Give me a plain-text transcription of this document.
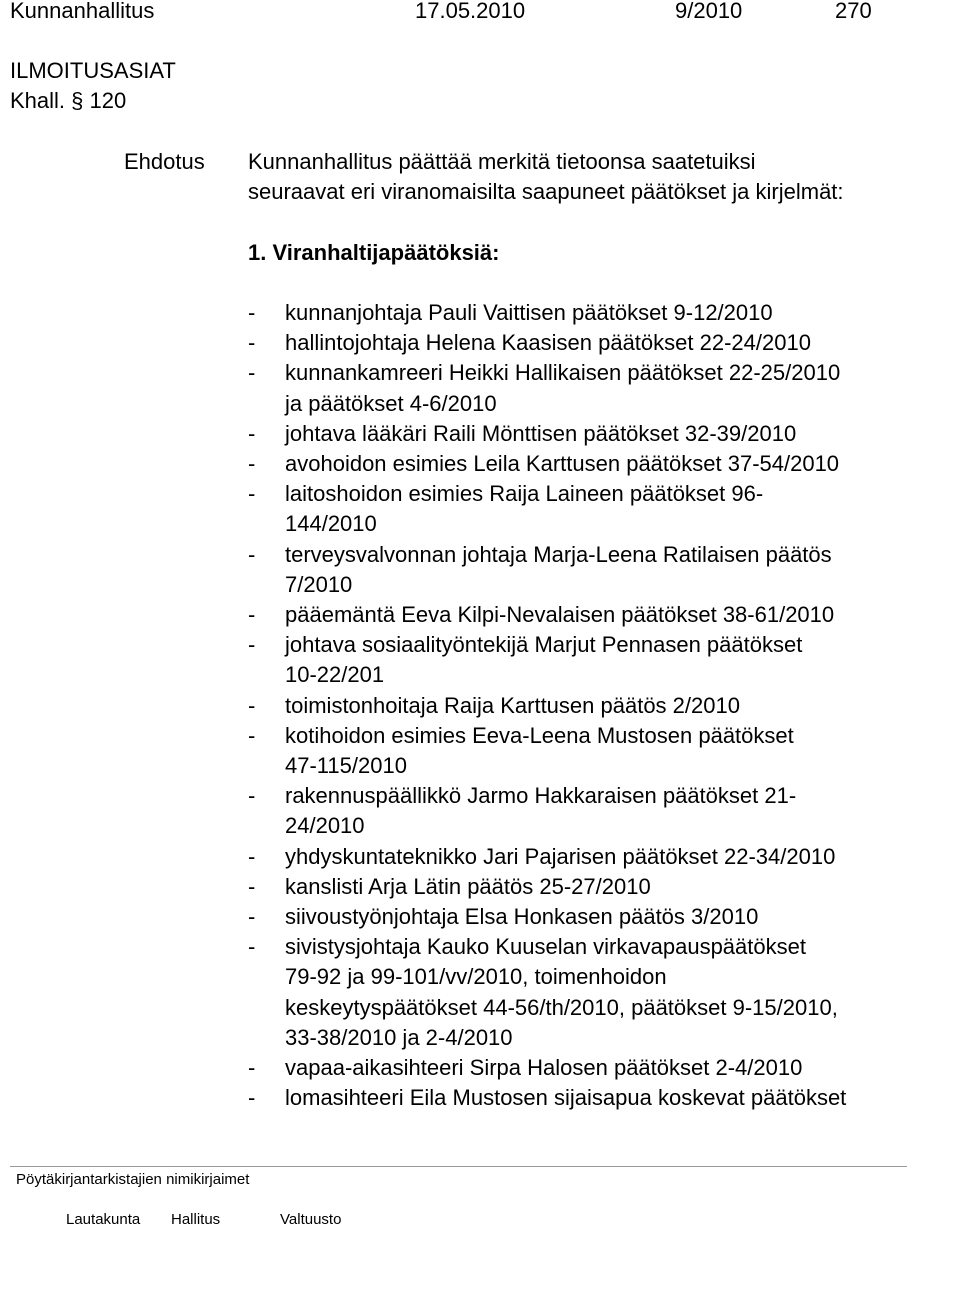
Kunnanhallitus	17.05.2010	9/2010	270
ILMOITUSASIAT
Khall. § 120
Ehdotus Kunnanhallitus päättää merkitä tietoonsa saatetuiksi
seuraavat eri viranomaisilta saapuneet päätökset ja kirjelmät:
1. Viranhaltijapäätöksiä:
-	kunnanjohtaja Pauli Vaittisen päätökset 9-12/2010
-	hallintojohtaja Helena Kaasisen päätökset 22-24/2010
-	kunnankamreeri Heikki Hallikaisen päätökset 22-25/2010
ja päätökset 4-6/2010
-	johtava lääkäri Raili Mönttisen päätökset 32-39/2010
-	avohoidon esimies Leila Karttusen päätökset 37-54/2010
-	laitoshoidon esimies Raija Laineen päätökset 96-
144/2010
-	terveysvalvonnan johtaja Marja-Leena Ratilaisen päätös
7/2010
-	pääemäntä Eeva Kilpi-Nevalaisen päätökset 38-61/2010
-	johtava sosiaalityöntekijä Marjut Pennasen päätökset
10-22/201
-	toimistonhoitaja Raija Karttusen päätös 2/2010
-	kotihoidon esimies Eeva-Leena Mustosen päätökset
47-115/2010
-	rakennuspäällikkö Jarmo Hakkaraisen päätökset 21-
24/2010
-	yhdyskuntateknikko Jari Pajarisen päätökset 22-34/2010
-	kanslisti Arja Lätin päätös 25-27/2010
-	siivoustyönjohtaja Elsa Honkasen päätös 3/2010
-	sivistysjohtaja Kauko Kuuselan virkavapauspäätökset
79-92 ja 99-101/vv/2010, toimenhoidon
keskeytyspäätökset 44-56/th/2010, päätökset 9-15/2010,
33-38/2010 ja 2-4/2010
-	vapaa-aikasihteeri Sirpa Halosen päätökset 2-4/2010
-	lomasihteeri Eila Mustosen sijaisapua koskevat päätökset
Pöytäkirjantarkistajien nimikirjaimet
Lautakunta Hallitus	Valtuusto
